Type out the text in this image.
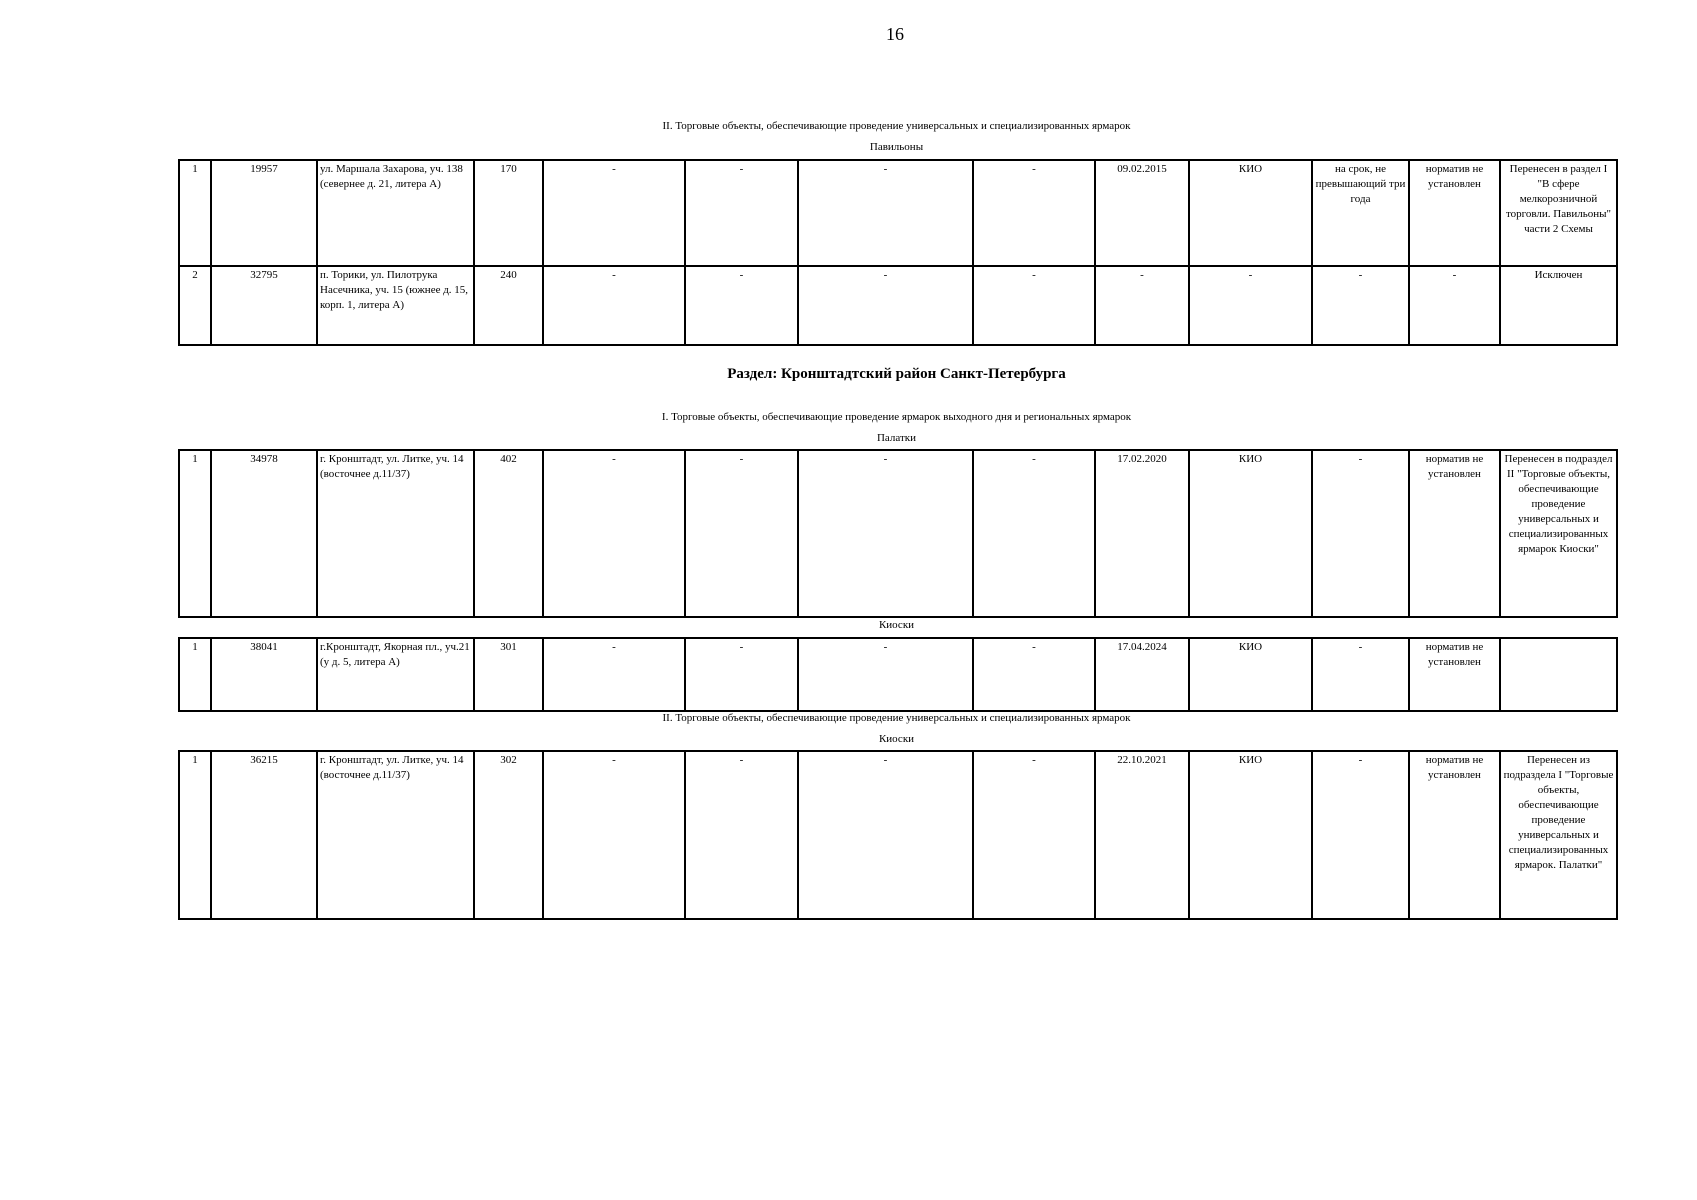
16
II. Торговые объекты, обеспечивающие проведение универсальных и специализированных ярмарок
Павильоны
1	19957	ул. Маршала Захарова, уч. 138 (севернее д. 21, литера А)	170	-	-	-	-	09.02.2015	КИО	на срок, не превышающий три года	норматив не установлен	Перенесен в раздел I "В сфере мелкорозничной торговли. Павильоны" части 2 Схемы
2	32795	п. Торики, ул. Пилотрука Насечника, уч. 15 (южнее д. 15, корп. 1, литера А)	240	-	-	-	-	-	-	-	-	Исключен
Раздел: Кронштадтский район Санкт-Петербурга
I. Торговые объекты, обеспечивающие проведение ярмарок выходного дня и региональных ярмарок
Палатки
1	34978	г. Кронштадт, ул. Литке, уч. 14 (восточнее д.11/37)	402	-	-	-	-	17.02.2020	КИО	-	норматив не установлен	Перенесен в подраздел II "Торговые объекты, обеспечивающие проведение универсальных и специализированных ярмарок Киоски"
Киоски
1	38041	г.Кронштадт, Якорная пл., уч.21 (у д. 5, литера А)	301	-	-	-	-	17.04.2024	КИО	-	норматив не установлен	
II. Торговые объекты, обеспечивающие проведение универсальных и специализированных ярмарок
Киоски
1	36215	г. Кронштадт, ул. Литке, уч. 14 (восточнее д.11/37)	302	-	-	-	-	22.10.2021	КИО	-	норматив не установлен	Перенесен из подраздела I "Торговые объекты, обеспечивающие проведение универсальных и специализированных ярмарок. Палатки"
